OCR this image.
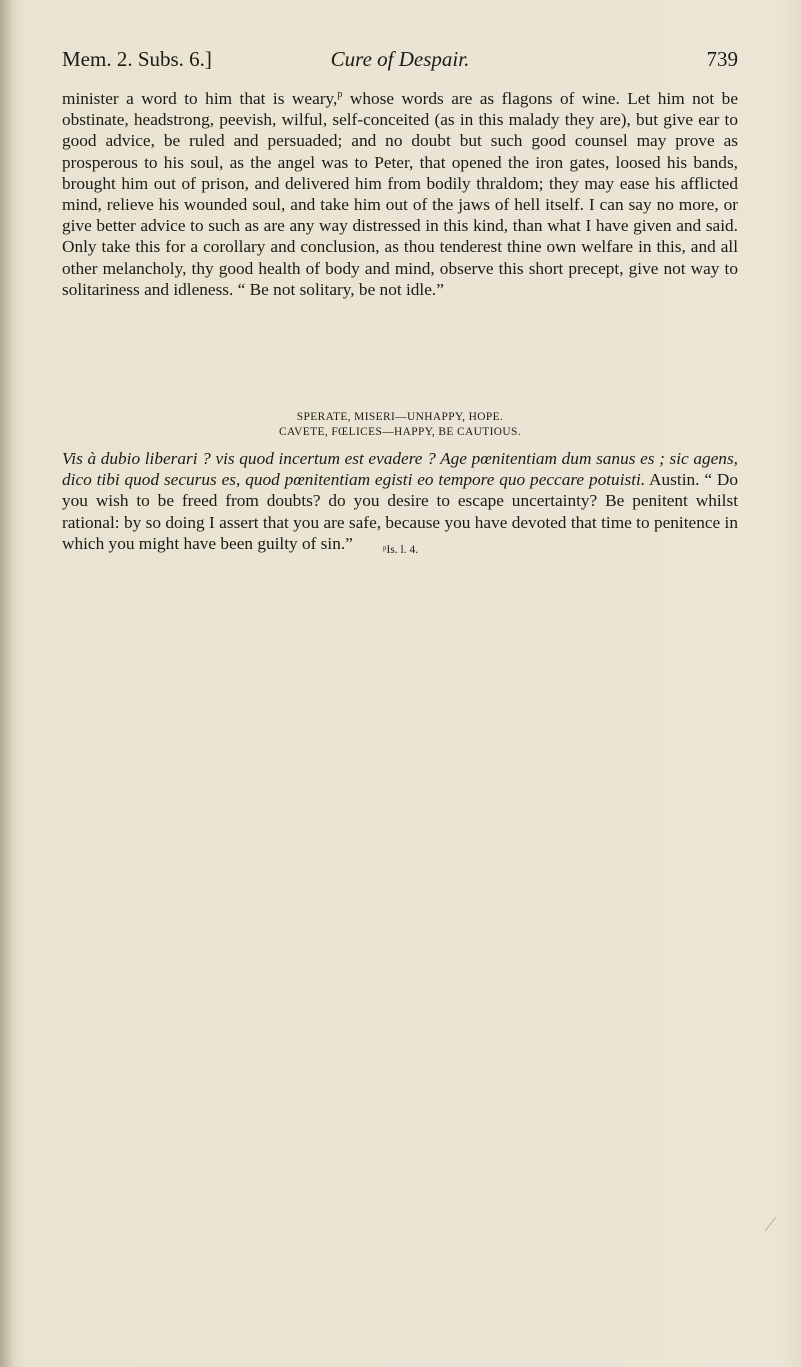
Mem. 2. Subs. 6.]	Cure of Despair.	739

minister a word to him that is weary,$^p$ whose words are as flagons of wine. Let him not be obstinate, headstrong, peevish, wilful, self-conceited (as in this malady they are), but give ear to good advice, be ruled and persuaded; and no doubt but such good counsel may prove as prosperous to his soul, as the angel was to Peter, that opened the iron gates, loosed his bands, brought him out of prison, and delivered him from bodily thraldom; they may ease his afflicted mind, relieve his wounded soul, and take him out of the jaws of hell itself. I can say no more, or give better advice to such as are any way distressed in this kind, than what I have given and said. Only take this for a corollary and conclusion, as thou tenderest thine own welfare in this, and all other melancholy, thy good health of body and mind, observe this short precept, give not way to solitariness and idleness. “ Be not solitary, be not idle.”

SPERATE, MISERI—UNHAPPY, HOPE.
CAVETE, FŒLICES—HAPPY, BE CAUTIOUS.

Vis à dubio liberari ? vis quod incertum est evadere ? Age pœnitentiam dum sanus es ; sic agens, dico tibi quod securus es, quod pœnitentiam egisti eo tempore quo peccare potuisti. Austin. “ Do you wish to be freed from doubts? do you desire to escape uncertainty? Be penitent whilst rational: by so doing I assert that you are safe, because you have devoted that time to penitence in which you might have been guilty of sin.”	ᵖIs. l. 4.
